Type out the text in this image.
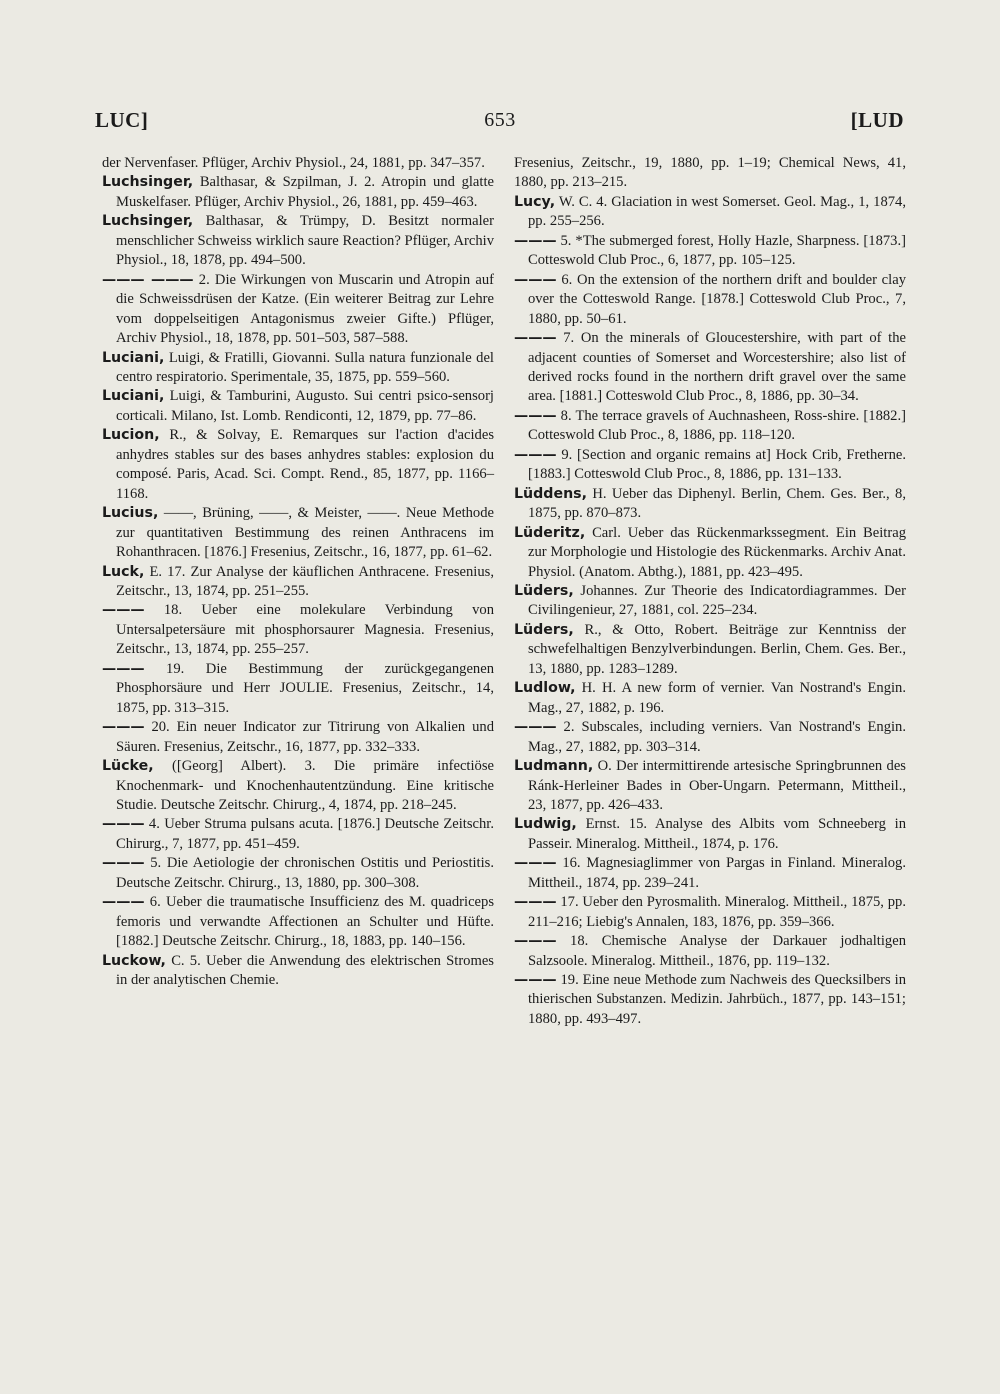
LUC]	653	[LUD

der Nervenfaser. Pflüger, Archiv Physiol., 24, 1881, pp. 347–357.

Luchsinger, Balthasar, & Szpilman, J. 2. Atropin und glatte Muskelfaser. Pflüger, Archiv Physiol., 26, 1881, pp. 459–463.

Luchsinger, Balthasar, & Trümpy, D. Besitzt normaler menschlicher Schweiss wirklich saure Reaction? Pflüger, Archiv Physiol., 18, 1878, pp. 494–500.

——— ——— 2. Die Wirkungen von Muscarin und Atropin auf die Schweissdrüsen der Katze. (Ein weiterer Beitrag zur Lehre vom doppelseitigen Antagonismus zweier Gifte.) Pflüger, Archiv Physiol., 18, 1878, pp. 501–503, 587–588.

Luciani, Luigi, & Fratilli, Giovanni. Sulla natura funzionale del centro respiratorio. Sperimentale, 35, 1875, pp. 559–560.

Luciani, Luigi, & Tamburini, Augusto. Sui centri psico-sensorj corticali. Milano, Ist. Lomb. Rendiconti, 12, 1879, pp. 77–86.

Lucion, R., & Solvay, E. Remarques sur l'action d'acides anhydres stables sur des bases anhydres stables: explosion du composé. Paris, Acad. Sci. Compt. Rend., 85, 1877, pp. 1166–1168.

Lucius, ——, Brüning, ——, & Meister, ——. Neue Methode zur quantitativen Bestimmung des reinen Anthracens im Rohanthracen. [1876.] Fresenius, Zeitschr., 16, 1877, pp. 61–62.

Luck, E. 17. Zur Analyse der käuflichen Anthracene. Fresenius, Zeitschr., 13, 1874, pp. 251–255.

——— 18. Ueber eine molekulare Verbindung von Untersalpetersäure mit phosphorsaurer Magnesia. Fresenius, Zeitschr., 13, 1874, pp. 255–257.

——— 19. Die Bestimmung der zurückgegangenen Phosphorsäure und Herr JOULIE. Fresenius, Zeitschr., 14, 1875, pp. 313–315.

——— 20. Ein neuer Indicator zur Titrirung von Alkalien und Säuren. Fresenius, Zeitschr., 16, 1877, pp. 332–333.

Lücke, ([Georg] Albert). 3. Die primäre infectiöse Knochenmark- und Knochenhautentzündung. Eine kritische Studie. Deutsche Zeitschr. Chirurg., 4, 1874, pp. 218–245.

——— 4. Ueber Struma pulsans acuta. [1876.] Deutsche Zeitschr. Chirurg., 7, 1877, pp. 451–459.

——— 5. Die Aetiologie der chronischen Ostitis und Periostitis. Deutsche Zeitschr. Chirurg., 13, 1880, pp. 300–308.

——— 6. Ueber die traumatische Insufficienz des M. quadriceps femoris und verwandte Affectionen an Schulter und Hüfte. [1882.] Deutsche Zeitschr. Chirurg., 18, 1883, pp. 140–156.

Luckow, C. 5. Ueber die Anwendung des elektrischen Stromes in der analytischen Chemie.

Fresenius, Zeitschr., 19, 1880, pp. 1–19; Chemical News, 41, 1880, pp. 213–215.

Lucy, W. C. 4. Glaciation in west Somerset. Geol. Mag., 1, 1874, pp. 255–256.

——— 5. *The submerged forest, Holly Hazle, Sharpness. [1873.] Cotteswold Club Proc., 6, 1877, pp. 105–125.

——— 6. On the extension of the northern drift and boulder clay over the Cotteswold Range. [1878.] Cotteswold Club Proc., 7, 1880, pp. 50–61.

——— 7. On the minerals of Gloucestershire, with part of the adjacent counties of Somerset and Worcestershire; also list of derived rocks found in the northern drift gravel over the same area. [1881.] Cotteswold Club Proc., 8, 1886, pp. 30–34.

——— 8. The terrace gravels of Auchnasheen, Ross-shire. [1882.] Cotteswold Club Proc., 8, 1886, pp. 118–120.

——— 9. [Section and organic remains at] Hock Crib, Fretherne. [1883.] Cotteswold Club Proc., 8, 1886, pp. 131–133.

Lüddens, H. Ueber das Diphenyl. Berlin, Chem. Ges. Ber., 8, 1875, pp. 870–873.

Lüderitz, Carl. Ueber das Rückenmarkssegment. Ein Beitrag zur Morphologie und Histologie des Rückenmarks. Archiv Anat. Physiol. (Anatom. Abthg.), 1881, pp. 423–495.

Lüders, Johannes. Zur Theorie des Indicatordiagrammes. Der Civilingenieur, 27, 1881, col. 225–234.

Lüders, R., & Otto, Robert. Beiträge zur Kenntniss der schwefelhaltigen Benzylverbindungen. Berlin, Chem. Ges. Ber., 13, 1880, pp. 1283–1289.

Ludlow, H. H. A new form of vernier. Van Nostrand's Engin. Mag., 27, 1882, p. 196.

——— 2. Subscales, including verniers. Van Nostrand's Engin. Mag., 27, 1882, pp. 303–314.

Ludmann, O. Der intermittirende artesische Springbrunnen des Ránk-Herleiner Bades in Ober-Ungarn. Petermann, Mittheil., 23, 1877, pp. 426–433.

Ludwig, Ernst. 15. Analyse des Albits vom Schneeberg in Passeir. Mineralog. Mittheil., 1874, p. 176.

——— 16. Magnesiaglimmer von Pargas in Finland. Mineralog. Mittheil., 1874, pp. 239–241.

——— 17. Ueber den Pyrosmalith. Mineralog. Mittheil., 1875, pp. 211–216; Liebig's Annalen, 183, 1876, pp. 359–366.

——— 18. Chemische Analyse der Darkauer jodhaltigen Salzsoole. Mineralog. Mittheil., 1876, pp. 119–132.

——— 19. Eine neue Methode zum Nachweis des Quecksilbers in thierischen Substanzen. Medizin. Jahrbüch., 1877, pp. 143–151; 1880, pp. 493–497.
